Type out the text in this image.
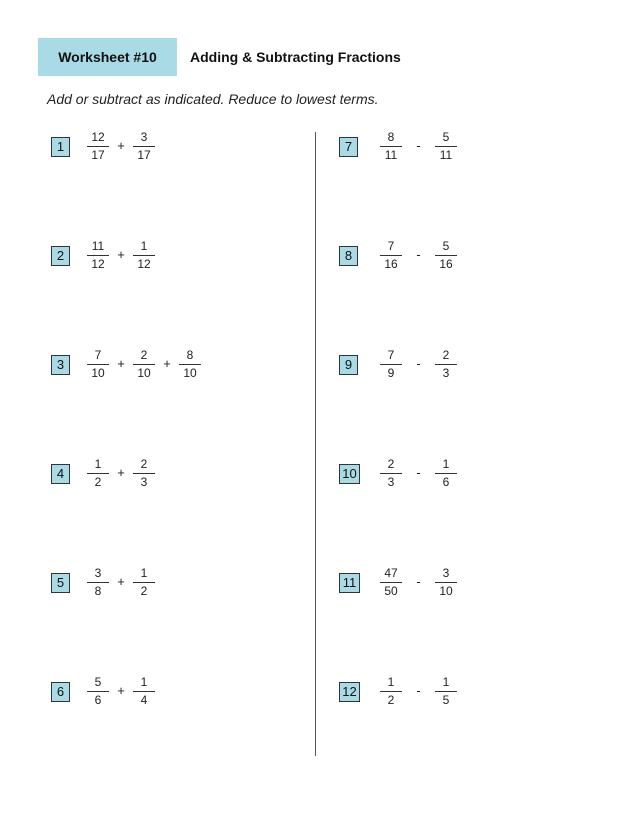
Worksheet #10	Adding & Subtracting Fractions
Add or subtract as indicated. Reduce to lowest terms.
1
12
17
+
3
17
2
11
12
+
1
12
3
7
10
+
2
10
+
8
10
4
1
2
+
2
3
5
3
8
+
1
2
6
5
6
+
1
4
7
8
11
-
5
11
8
7
16
-
5
16
9
7
9
-
2
3
10
2
3
-
1
6
11
47
50
-
3
10
12
1
2
-
1
5
